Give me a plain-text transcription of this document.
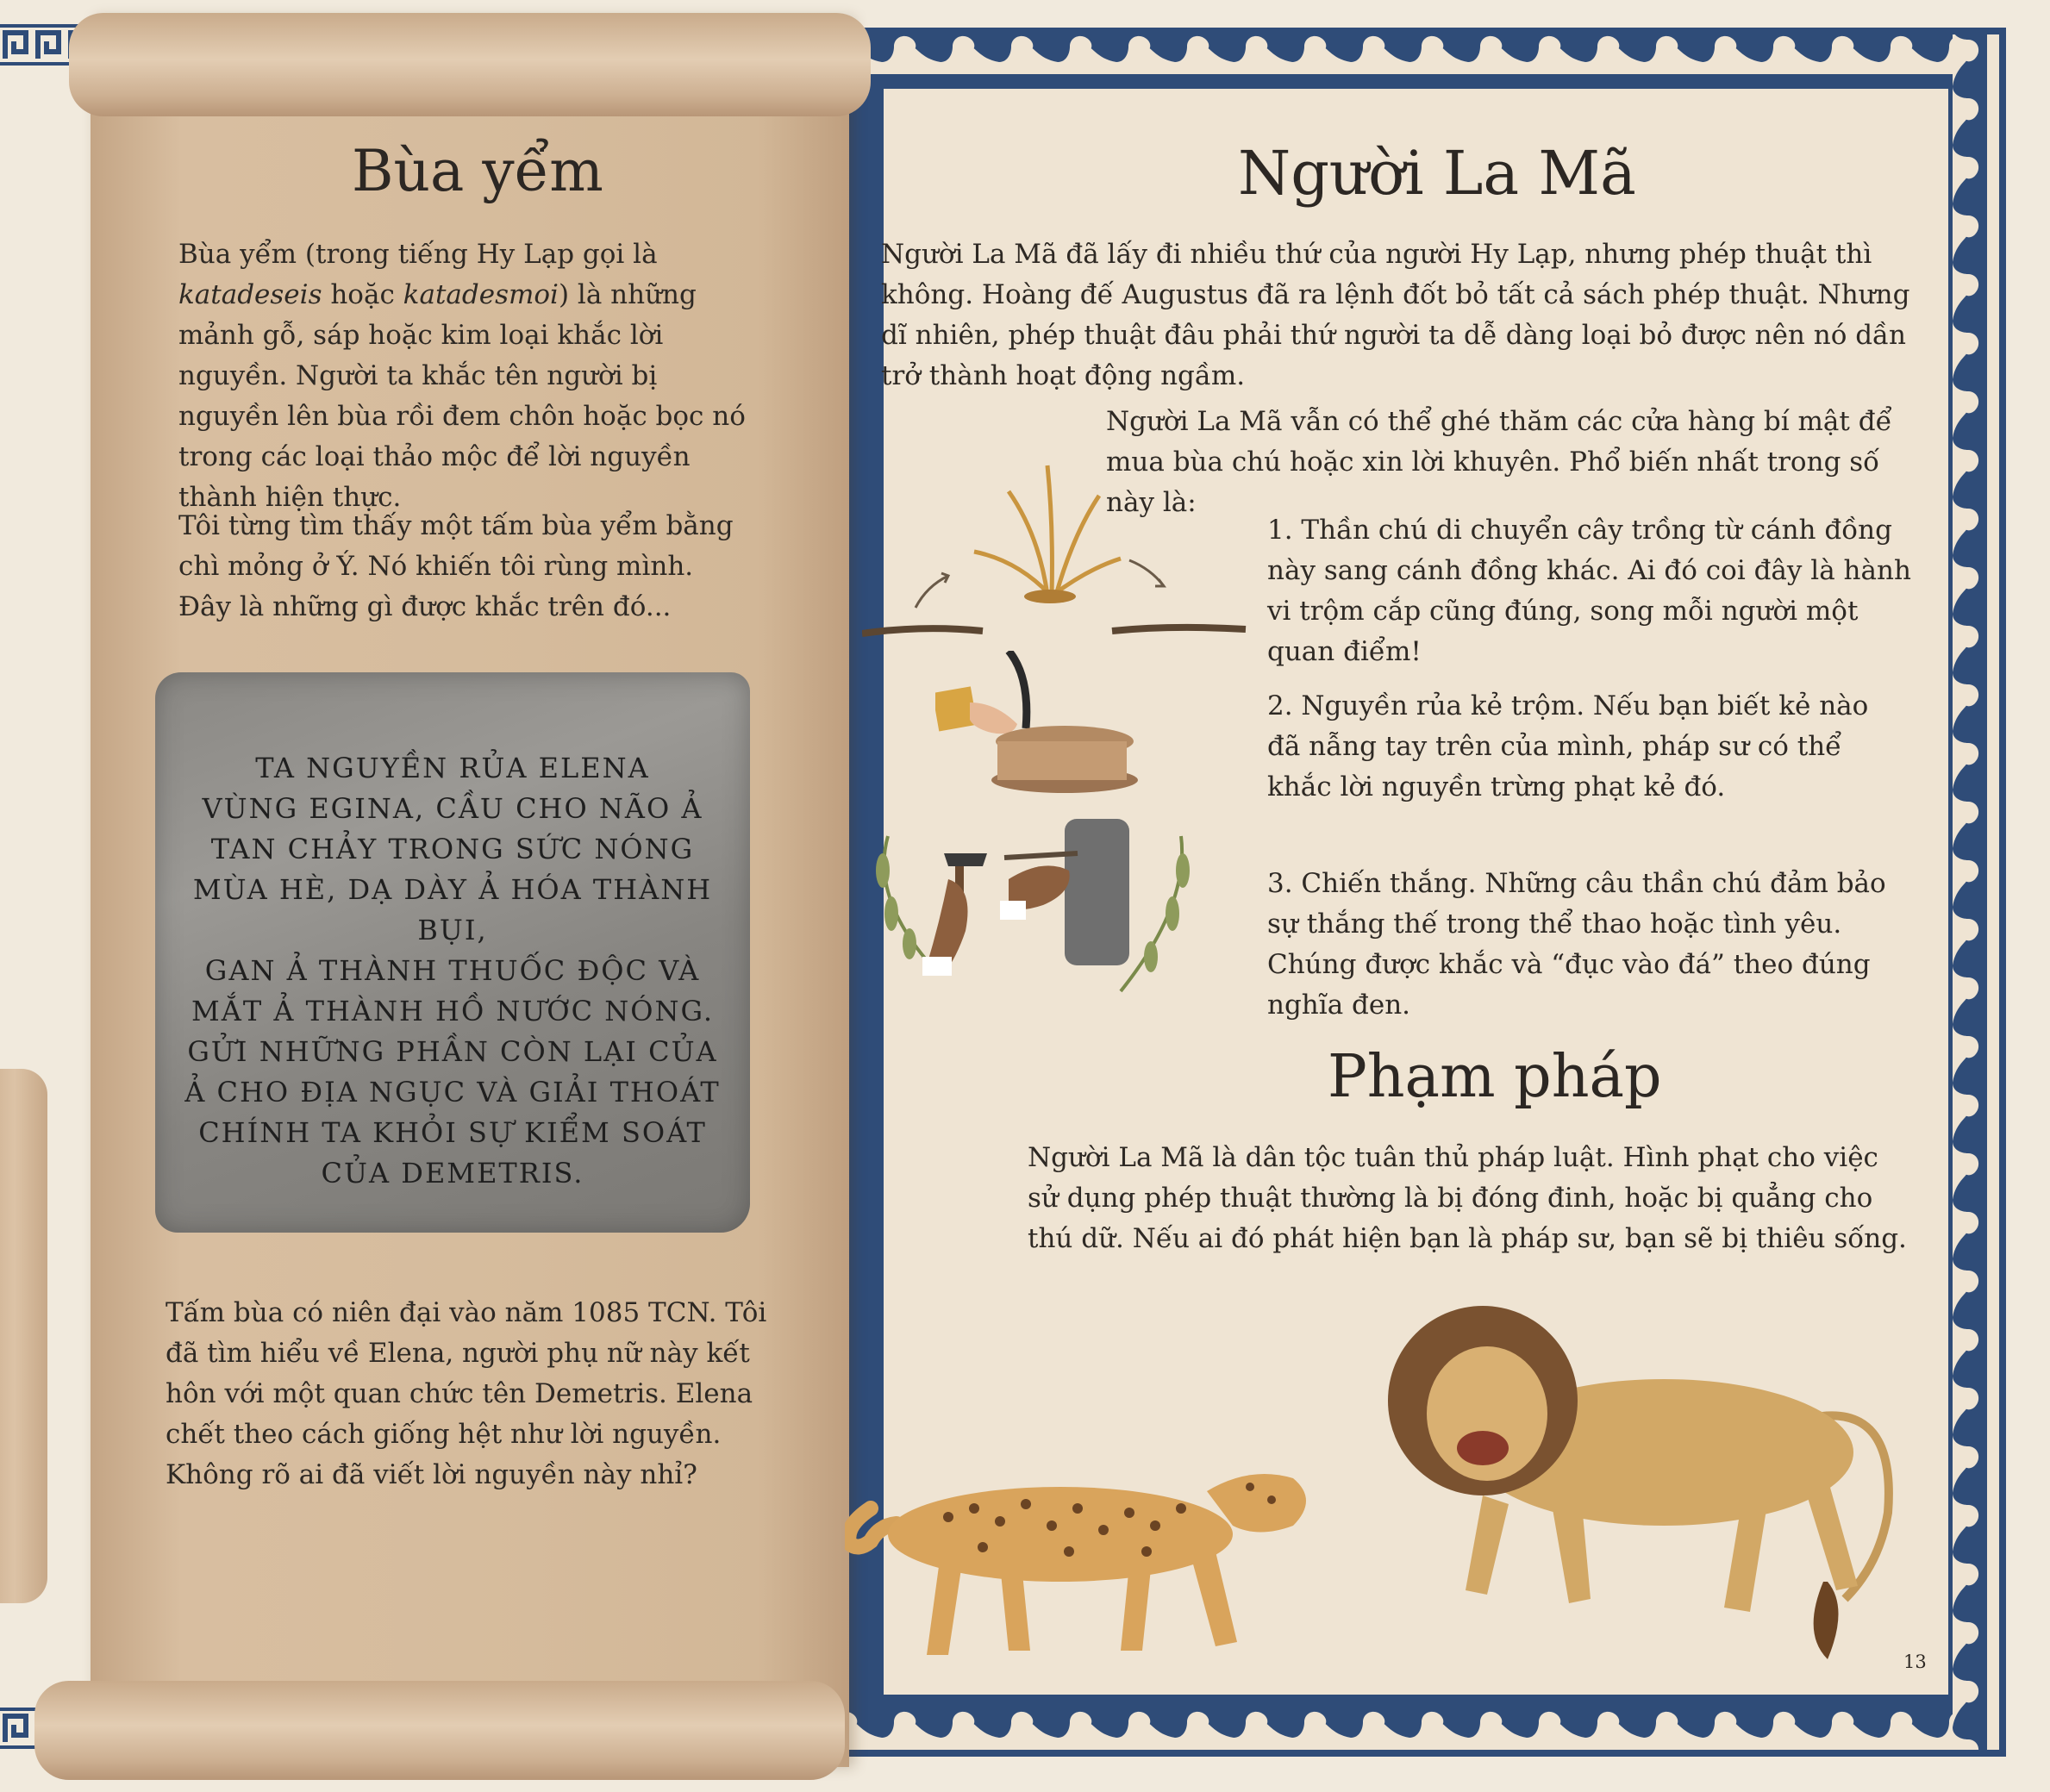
Bùa yểm

Bùa yểm (trong tiếng Hy Lạp gọi là katadeseis hoặc katadesmoi) là những mảnh gỗ, sáp hoặc kim loại khắc lời nguyền. Người ta khắc tên người bị nguyền lên bùa rồi đem chôn hoặc bọc nó trong các loại thảo mộc để lời nguyền thành hiện thực.

Tôi từng tìm thấy một tấm bùa yểm bằng chì mỏng ở Ý. Nó khiến tôi rùng mình. Đây là những gì được khắc trên đó...

TA NGUYỀN RỦA ELENA
VÙNG EGINA, CẦU CHO NÃO Ả
TAN CHẢY TRONG SỨC NÓNG
MÙA HÈ, DẠ DÀY Ả HÓA THÀNH BỤI,
GAN Ả THÀNH THUỐC ĐỘC VÀ
MẮT Ả THÀNH HỒ NƯỚC NÓNG.
GỬI NHỮNG PHẦN CÒN LẠI CỦA
Ả CHO ĐỊA NGỤC VÀ GIẢI THOÁT
CHÍNH TA KHỎI SỰ KIỂM SOÁT
CỦA DEMETRIS.

Tấm bùa có niên đại vào năm 1085 TCN. Tôi đã tìm hiểu về Elena, người phụ nữ này kết hôn với một quan chức tên Demetris. Elena chết theo cách giống hệt như lời nguyền. Không rõ ai đã viết lời nguyền này nhỉ?

Người La Mã

Người La Mã đã lấy đi nhiều thứ của người Hy Lạp, nhưng phép thuật thì không. Hoàng đế Augustus đã ra lệnh đốt bỏ tất cả sách phép thuật. Nhưng dĩ nhiên, phép thuật đâu phải thứ người ta dễ dàng loại bỏ được nên nó dần trở thành hoạt động ngầm.

Người La Mã vẫn có thể ghé thăm các cửa hàng bí mật để mua bùa chú hoặc xin lời khuyên. Phổ biến nhất trong số này là:

1. Thần chú di chuyển cây trồng từ cánh đồng này sang cánh đồng khác. Ai đó coi đây là hành vi trộm cắp cũng đúng, song mỗi người một quan điểm!

2. Nguyền rủa kẻ trộm. Nếu bạn biết kẻ nào đã nẫng tay trên của mình, pháp sư có thể khắc lời nguyền trừng phạt kẻ đó.

3. Chiến thắng. Những câu thần chú đảm bảo sự thắng thế trong thể thao hoặc tình yêu. Chúng được khắc và “đục vào đá” theo đúng nghĩa đen.

Phạm pháp

Người La Mã là dân tộc tuân thủ pháp luật. Hình phạt cho việc sử dụng phép thuật thường là bị đóng đinh, hoặc bị quẳng cho thú dữ. Nếu ai đó phát hiện bạn là pháp sư, bạn sẽ bị thiêu sống.

13
